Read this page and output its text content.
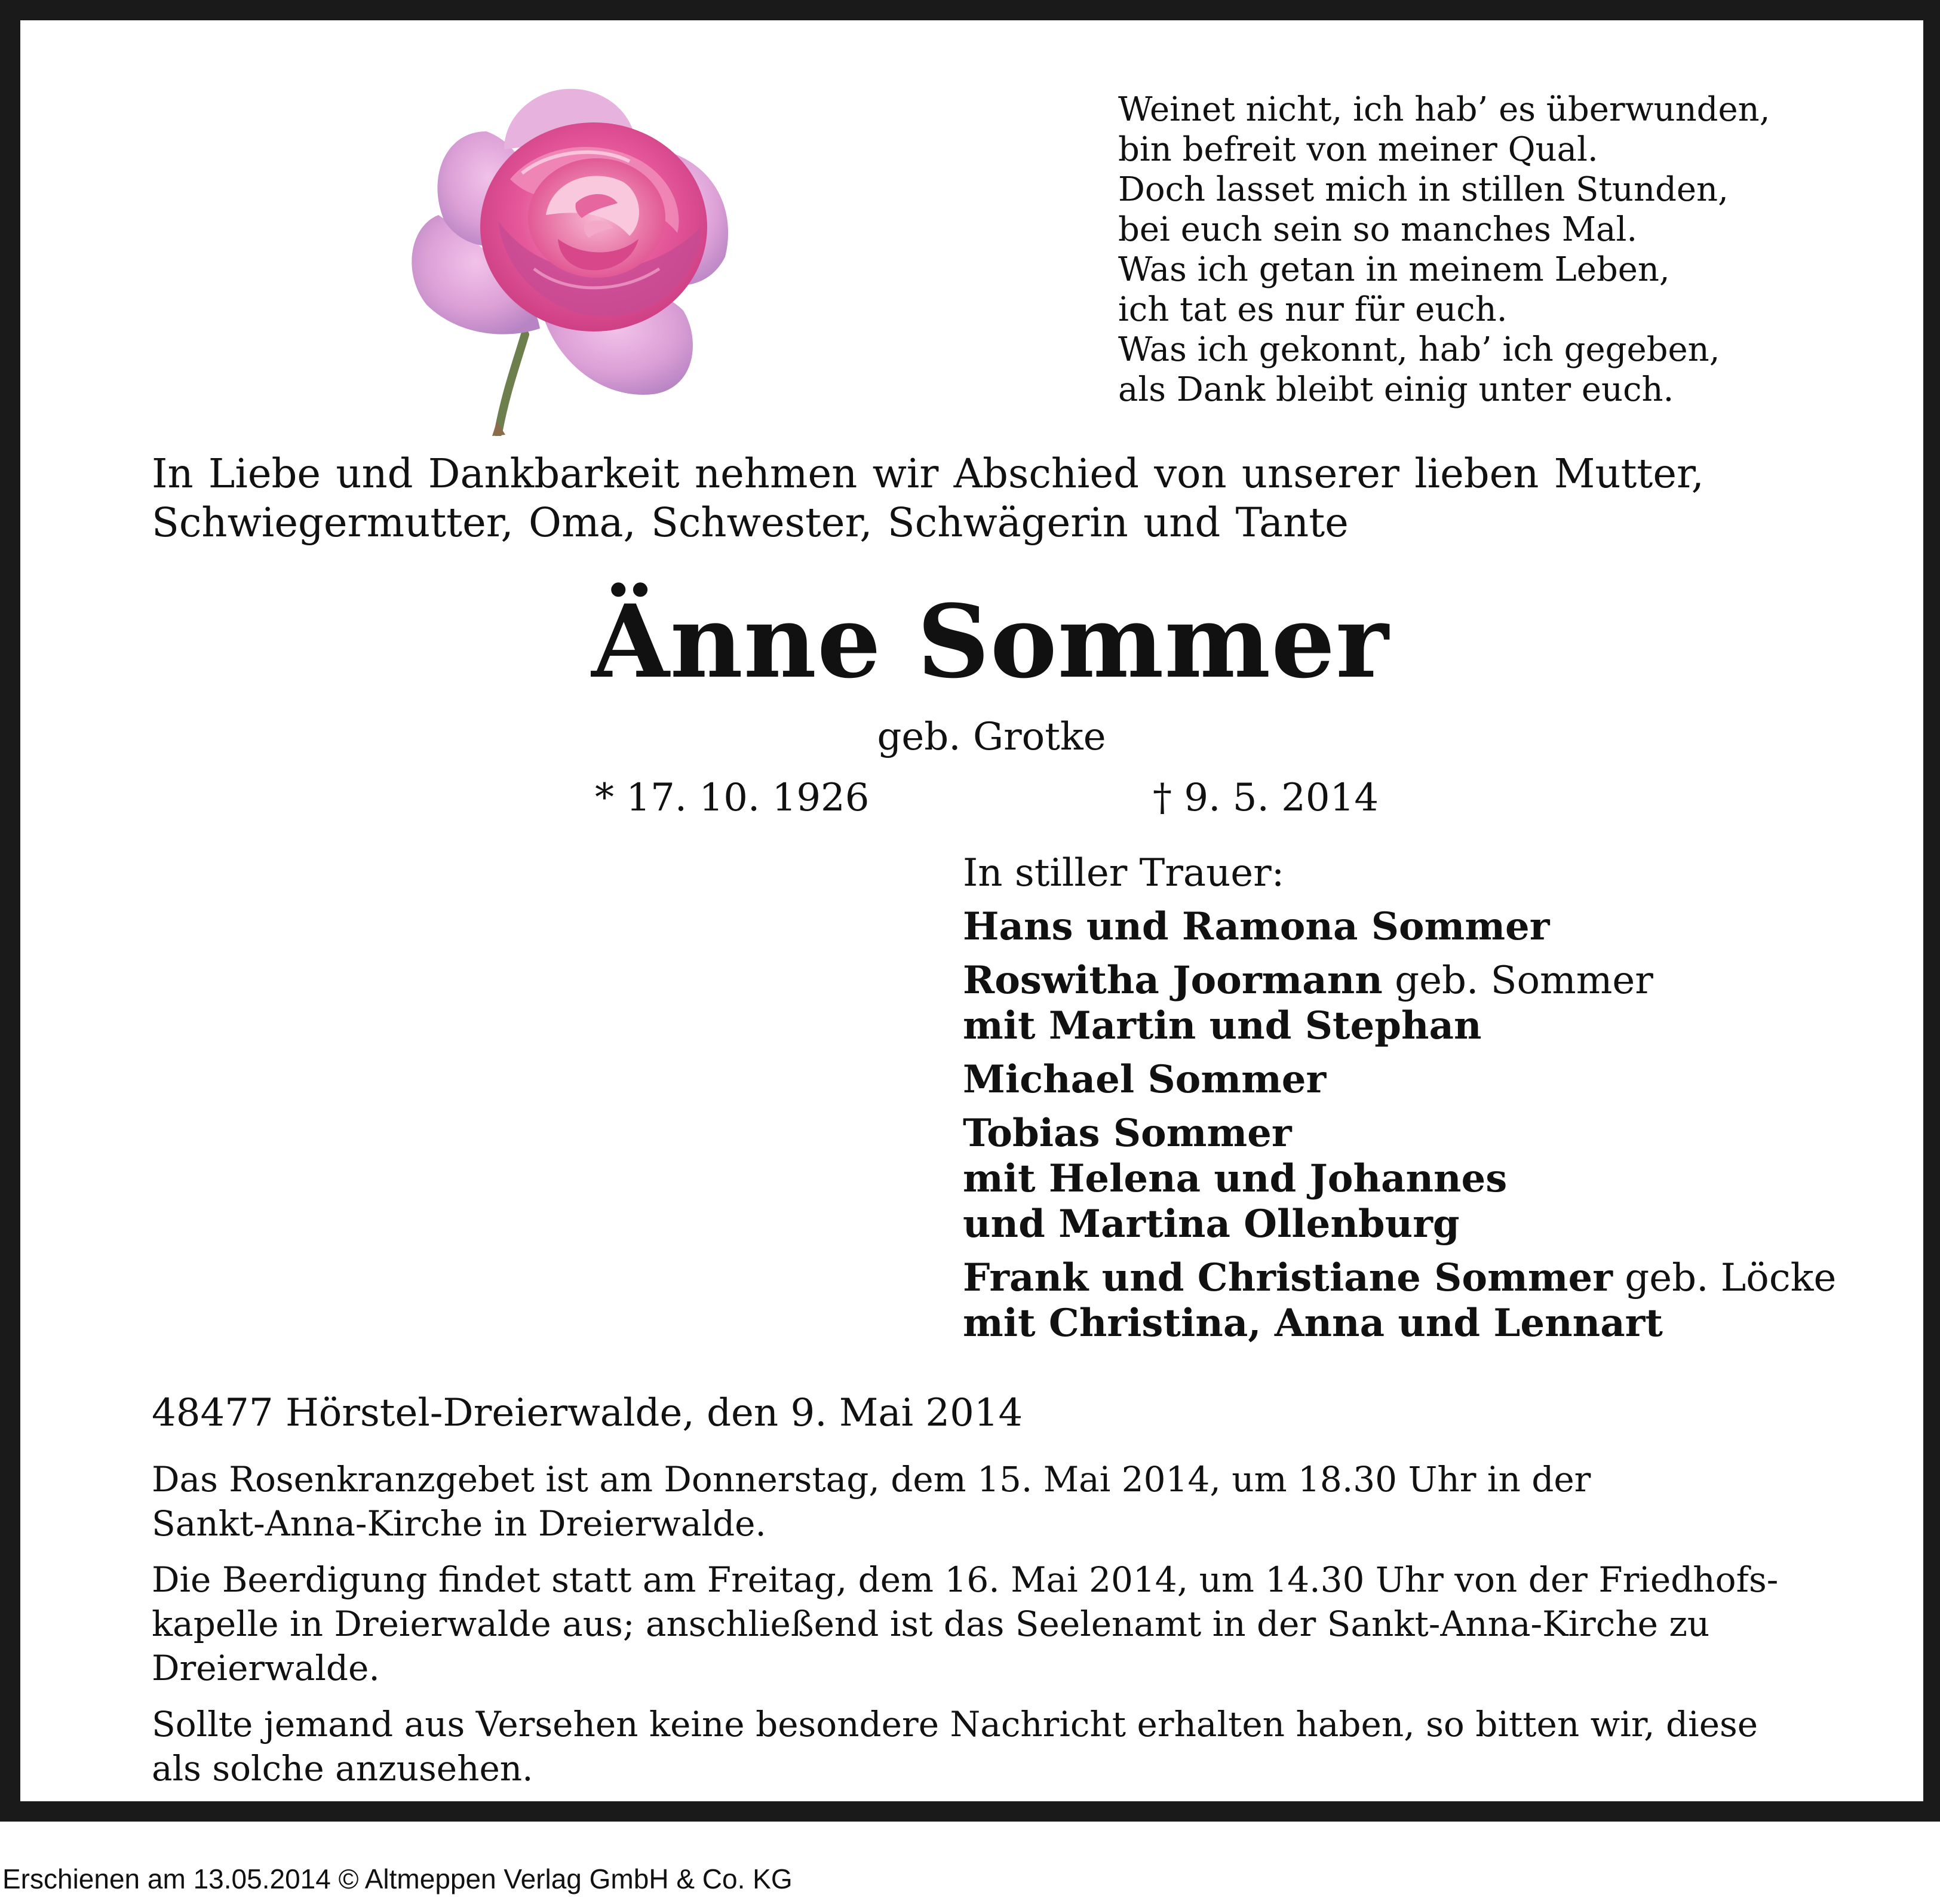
Weinet nicht, ich hab’ es überwunden,
bin befreit von meiner Qual.
Doch lasset mich in stillen Stunden,
bei euch sein so manches Mal.
Was ich getan in meinem Leben,
ich tat es nur für euch.
Was ich gekonnt, hab’ ich gegeben,
als Dank bleibt einig unter euch.
In Liebe und Dankbarkeit nehmen wir Abschied von unserer lieben Mutter,
Schwiegermutter, Oma, Schwester, Schwägerin und Tante
Änne Sommer
geb. Grotke
* 17. 10. 1926	† 9. 5. 2014
In stiller Trauer:
Hans und Ramona Sommer
Roswitha Joormann geb. Sommer
mit Martin und Stephan
Michael Sommer
Tobias Sommer
mit Helena und Johannes
und Martina Ollenburg
Frank und Christiane Sommer geb. Löcke
mit Christina, Anna und Lennart
48477 Hörstel-Dreierwalde, den 9. Mai 2014
Das Rosenkranzgebet ist am Donnerstag, dem 15. Mai 2014, um 18.30 Uhr in der
Sankt-Anna-Kirche in Dreierwalde.
Die Beerdigung findet statt am Freitag, dem 16. Mai 2014, um 14.30 Uhr von der Friedhofs-
kapelle in Dreierwalde aus; anschließend ist das Seelenamt in der Sankt-Anna-Kirche zu
Dreierwalde.
Sollte jemand aus Versehen keine besondere Nachricht erhalten haben, so bitten wir, diese
als solche anzusehen.
Erschienen am 13.05.2014 © Altmeppen Verlag GmbH & Co. KG
